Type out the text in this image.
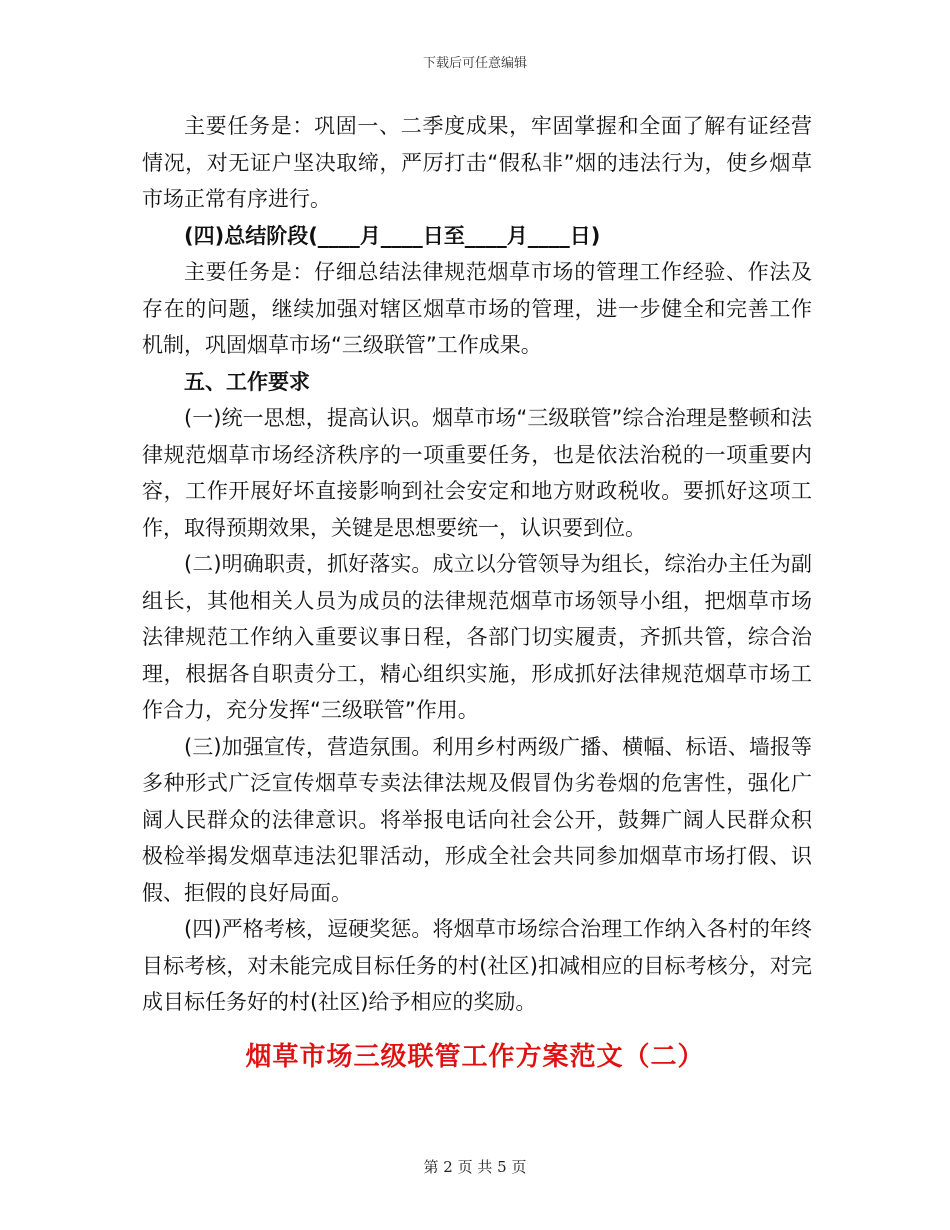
下载后可任意编辑

主要任务是：巩固一、二季度成果，牢固掌握和全面了解有证经营情况，对无证户坚决取缔，严厉打击“假私非”烟的违法行为，使乡烟草市场正常有序进行。

(四)总结阶段(____月____日至____月____日)

主要任务是：仔细总结法律规范烟草市场的管理工作经验、作法及存在的问题，继续加强对辖区烟草市场的管理，进一步健全和完善工作机制，巩固烟草市场“三级联管”工作成果。

五、工作要求

(一)统一思想，提高认识。烟草市场“三级联管”综合治理是整顿和法律规范烟草市场经济秩序的一项重要任务，也是依法治税的一项重要内容，工作开展好坏直接影响到社会安定和地方财政税收。要抓好这项工作，取得预期效果，关键是思想要统一，认识要到位。

(二)明确职责，抓好落实。成立以分管领导为组长，综治办主任为副组长，其他相关人员为成员的法律规范烟草市场领导小组，把烟草市场法律规范工作纳入重要议事日程，各部门切实履责，齐抓共管，综合治理，根据各自职责分工，精心组织实施，形成抓好法律规范烟草市场工作合力，充分发挥“三级联管”作用。

(三)加强宣传，营造氛围。利用乡村两级广播、横幅、标语、墙报等多种形式广泛宣传烟草专卖法律法规及假冒伪劣卷烟的危害性，强化广阔人民群众的法律意识。将举报电话向社会公开，鼓舞广阔人民群众积极检举揭发烟草违法犯罪活动，形成全社会共同参加烟草市场打假、识假、拒假的良好局面。

(四)严格考核，逗硬奖惩。将烟草市场综合治理工作纳入各村的年终目标考核，对未能完成目标任务的村(社区)扣减相应的目标考核分，对完成目标任务好的村(社区)给予相应的奖励。

烟草市场三级联管工作方案范文（二）
第 2 页 共 5 页
